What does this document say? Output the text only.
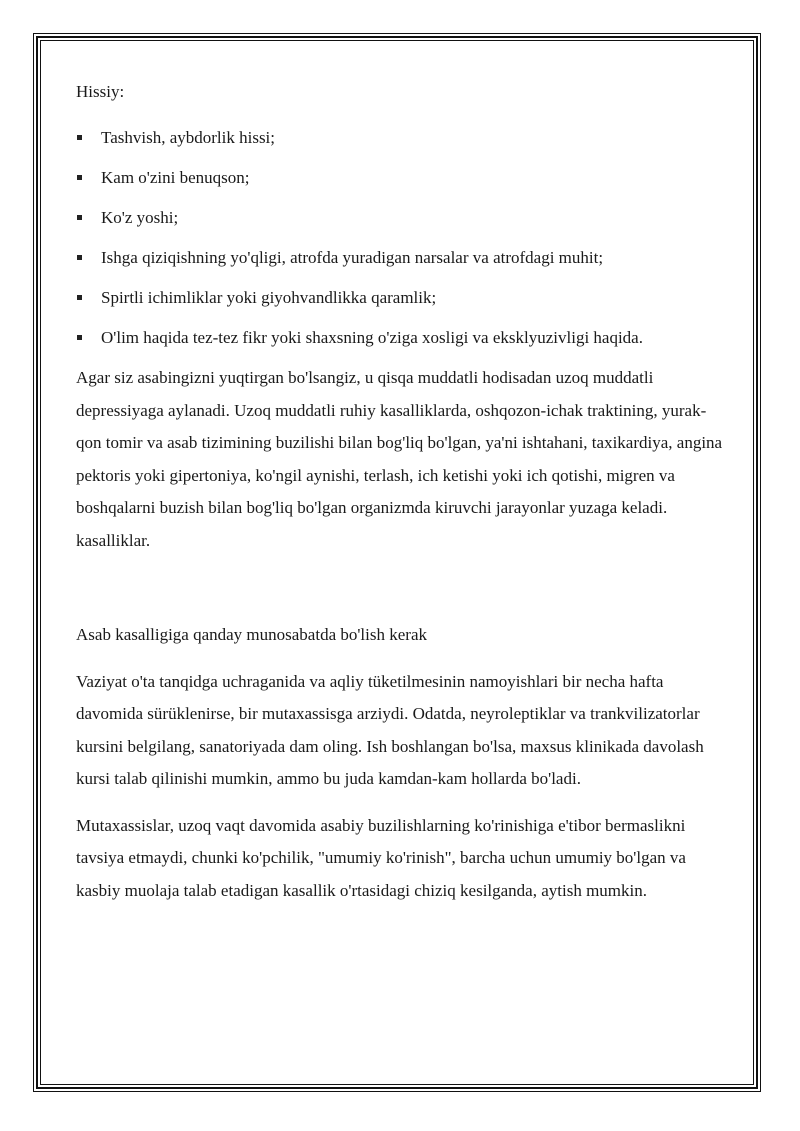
Hissiy:

Tashvish, aybdorlik hissi;
Kam o'zini benuqson;
Ko'z yoshi;
Ishga qiziqishning yo'qligi, atrofda yuradigan narsalar va atrofdagi muhit;
Spirtli ichimliklar yoki giyohvandlikka qaramlik;
O'lim haqida tez-tez fikr yoki shaxsning o'ziga xosligi va eksklyuzivligi haqida.

Agar siz asabingizni yuqtirgan bo'lsangiz, u qisqa muddatli hodisadan uzoq muddatli depressiyaga aylanadi. Uzoq muddatli ruhiy kasalliklarda, oshqozon-ichak traktining, yurak-qon tomir va asab tizimining buzilishi bilan bog'liq bo'lgan, ya'ni ishtahani, taxikardiya, angina pektoris yoki gipertoniya, ko'ngil aynishi, terlash, ich ketishi yoki ich qotishi, migren va boshqalarni buzish bilan bog'liq bo'lgan organizmda kiruvchi jarayonlar yuzaga keladi. kasalliklar.

Asab kasalligiga qanday munosabatda bo'lish kerak

Vaziyat o'ta tanqidga uchraganida va aqliy tüketilmesinin namoyishlari bir necha hafta davomida sürüklenirse, bir mutaxassisga arziydi. Odatda, neyroleptiklar va trankvilizatorlar kursini belgilang, sanatoriyada dam oling. Ish boshlangan bo'lsa, maxsus klinikada davolash kursi talab qilinishi mumkin, ammo bu juda kamdan-kam hollarda bo'ladi.

Mutaxassislar, uzoq vaqt davomida asabiy buzilishlarning ko'rinishiga e'tibor bermaslikni tavsiya etmaydi, chunki ko'pchilik, "umumiy ko'rinish", barcha uchun umumiy bo'lgan va kasbiy muolaja talab etadigan kasallik o'rtasidagi chiziq kesilganda, aytish mumkin.
